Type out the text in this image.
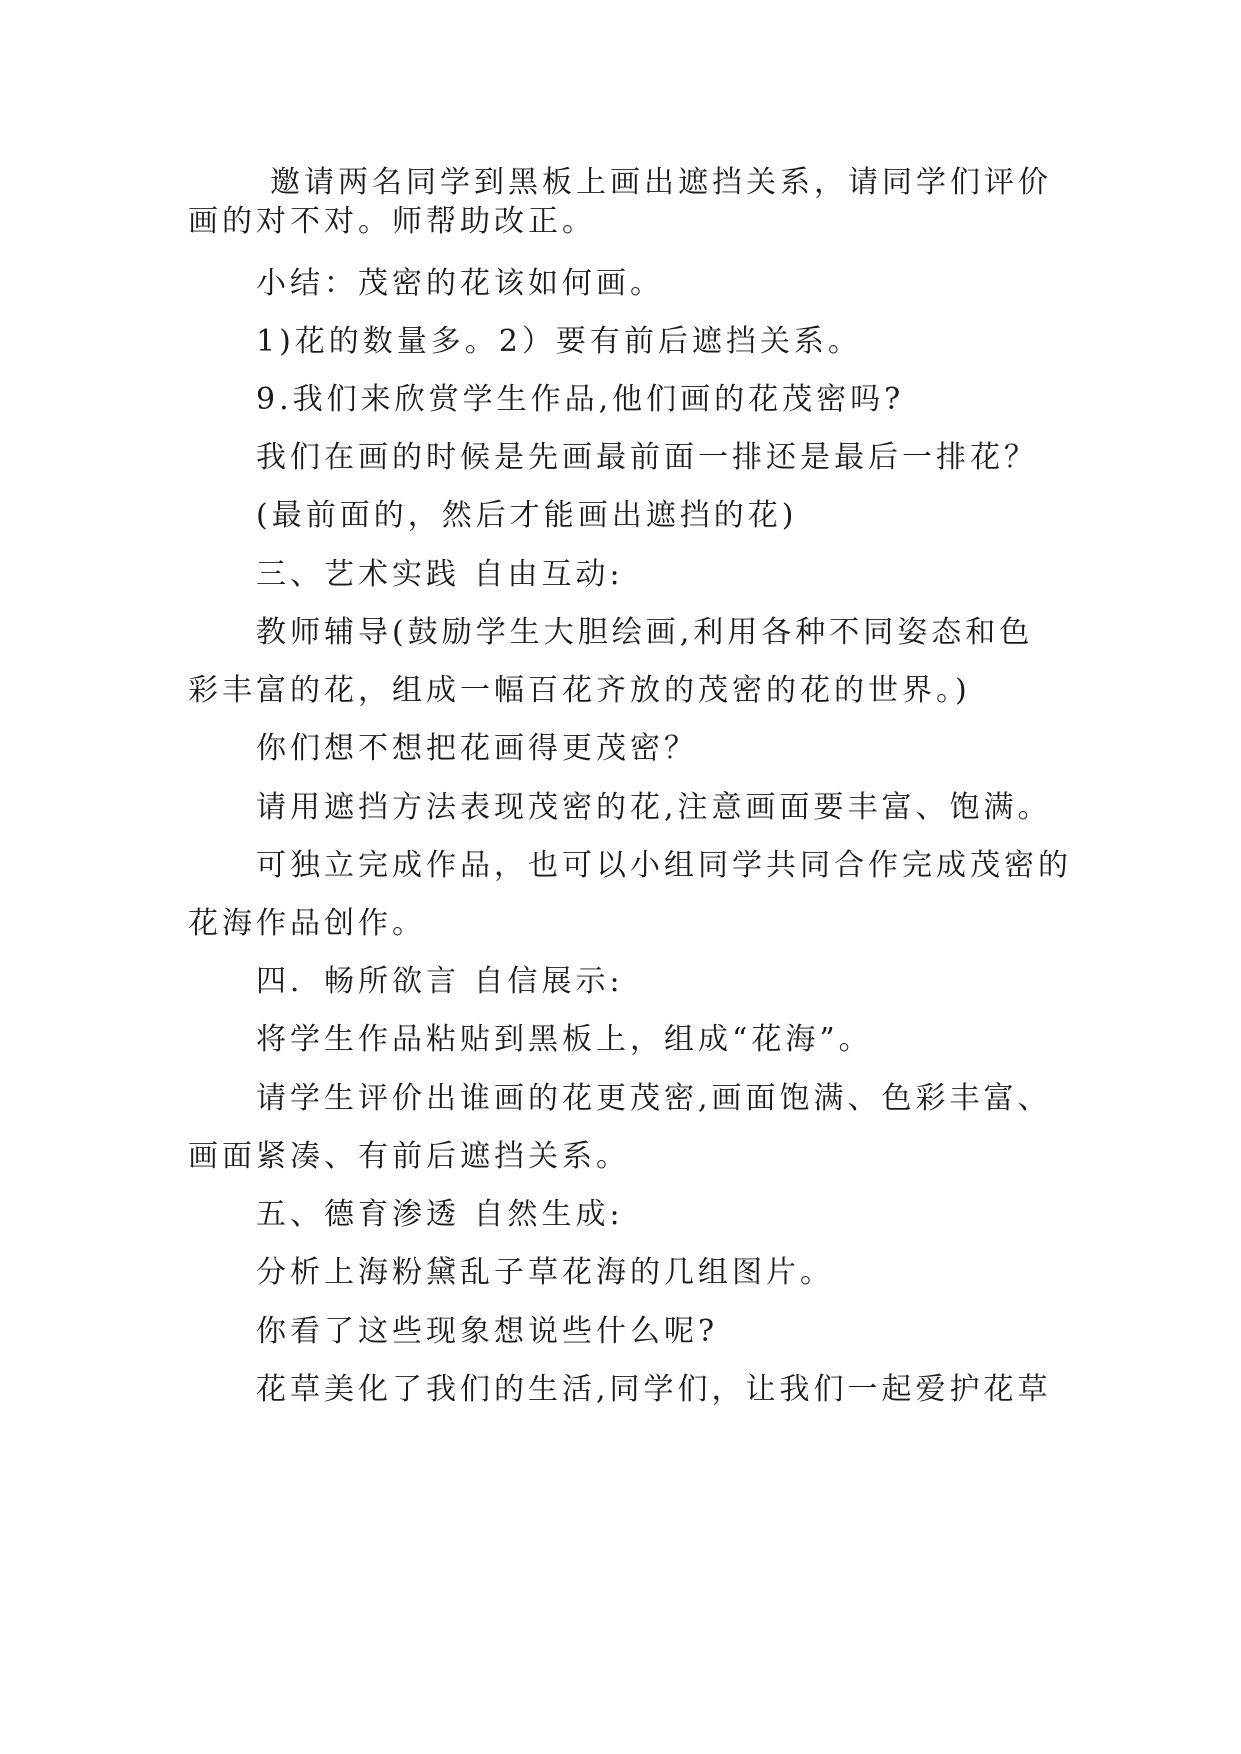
邀请两名同学到黑板上画出遮挡关系，请同学们评价
画的对不对。师帮助改正。
小结：茂密的花该如何画。
1)花的数量多。2）要有前后遮挡关系。
9.我们来欣赏学生作品,他们画的花茂密吗?
我们在画的时候是先画最前面一排还是最后一排花？
(最前面的，然后才能画出遮挡的花)
三、艺术实践 自由互动:
教师辅导(鼓励学生大胆绘画,利用各种不同姿态和色
彩丰富的花，组成一幅百花齐放的茂密的花的世界。)
你们想不想把花画得更茂密？
请用遮挡方法表现茂密的花,注意画面要丰富、饱满。
可独立完成作品，也可以小组同学共同合作完成茂密的
花海作品创作。
四．畅所欲言 自信展示:
将学生作品粘贴到黑板上，组成“花海”。
请学生评价出谁画的花更茂密,画面饱满、色彩丰富、
画面紧凑、有前后遮挡关系。
五、德育渗透 自然生成:
分析上海粉黛乱子草花海的几组图片。
你看了这些现象想说些什么呢?
花草美化了我们的生活,同学们，让我们一起爱护花草
